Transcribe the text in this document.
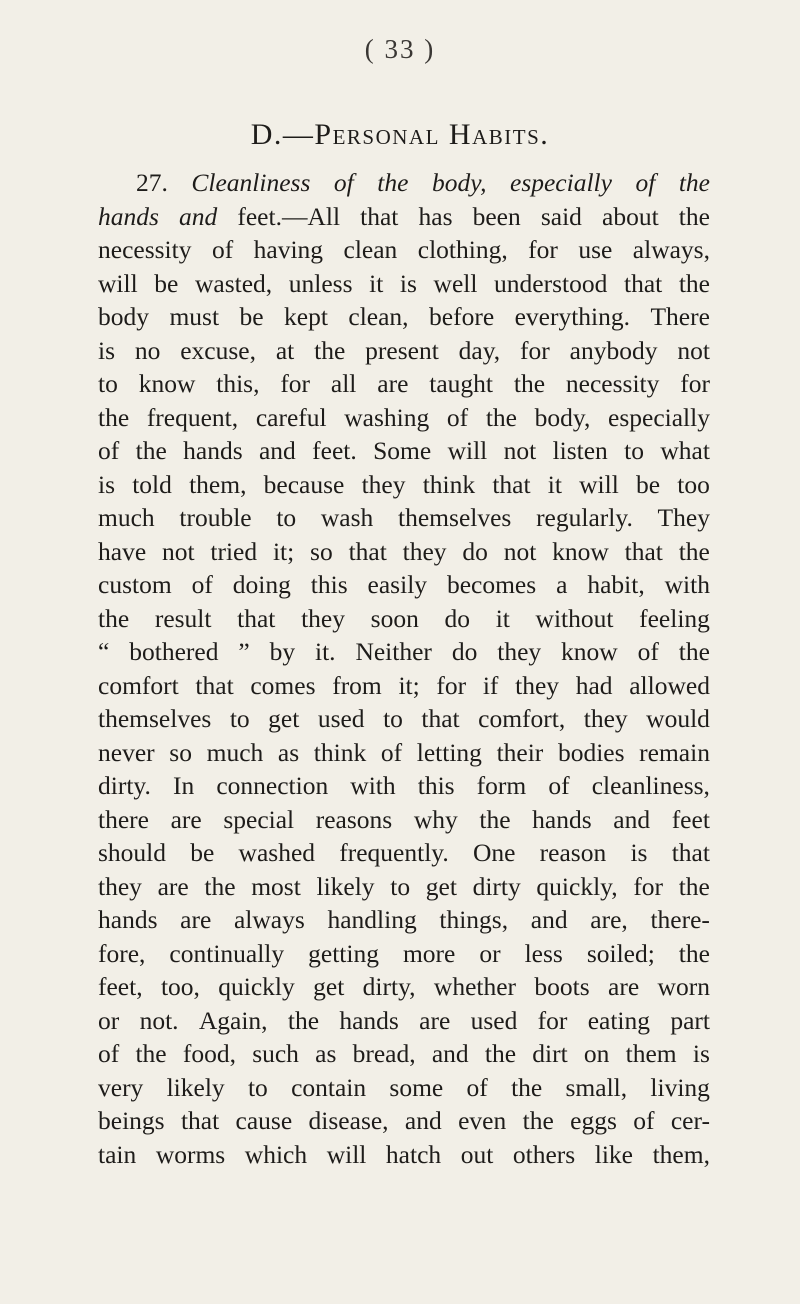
( 33 )
D.—Personal Habits.
27. Cleanliness of the body, especially of the
hands and feet.—All that has been said about the
necessity of having clean clothing, for use always,
will be wasted, unless it is well understood that the
body must be kept clean, before everything. There
is no excuse, at the present day, for anybody not
to know this, for all are taught the necessity for
the frequent, careful washing of the body, especially
of the hands and feet. Some will not listen to what
is told them, because they think that it will be too
much trouble to wash themselves regularly. They
have not tried it; so that they do not know that the
custom of doing this easily becomes a habit, with
the result that they soon do it without feeling
“ bothered ” by it. Neither do they know of the
comfort that comes from it; for if they had allowed
themselves to get used to that comfort, they would
never so much as think of letting their bodies remain
dirty. In connection with this form of cleanliness,
there are special reasons why the hands and feet
should be washed frequently. One reason is that
they are the most likely to get dirty quickly, for the
hands are always handling things, and are, there-
fore, continually getting more or less soiled; the
feet, too, quickly get dirty, whether boots are worn
or not. Again, the hands are used for eating part
of the food, such as bread, and the dirt on them is
very likely to contain some of the small, living
beings that cause disease, and even the eggs of cer-
tain worms which will hatch out others like them,
